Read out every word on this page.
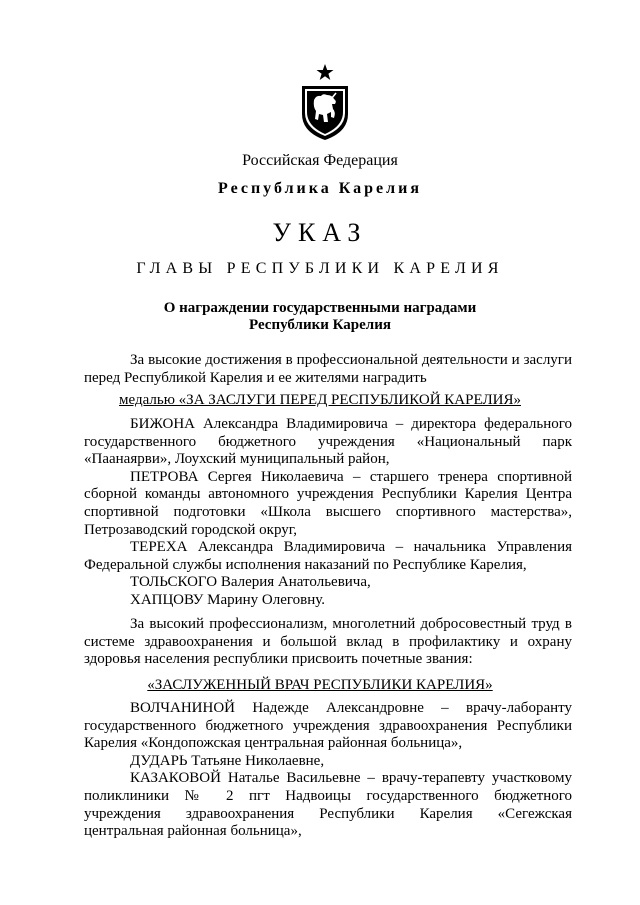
Российская Федерация
Республика Карелия
УКАЗ
ГЛАВЫ РЕСПУБЛИКИ КАРЕЛИЯ
О награждении государственными наградами
Республики Карелия
За высокие достижения в профессиональной деятельности и заслуги
перед Республикой Карелия и ее жителями наградить
медалью «ЗА ЗАСЛУГИ ПЕРЕД РЕСПУБЛИКОЙ КАРЕЛИЯ»
БИЖОНА Александра Владимировича – директора федерального
государственного бюджетного учреждения «Национальный парк
«Паанаярви», Лоухский муниципальный район,
ПЕТРОВА Сергея Николаевича – старшего тренера спортивной
сборной команды автономного учреждения Республики Карелия Центра
спортивной подготовки «Школа высшего спортивного мастерства»,
Петрозаводский городской округ,
ТЕРЕХА Александра Владимировича – начальника Управления
Федеральной службы исполнения наказаний по Республике Карелия,
ТОЛЬСКОГО Валерия Анатольевича,
ХАПЦОВУ Марину Олеговну.
За высокий профессионализм, многолетний добросовестный труд в
системе здравоохранения и большой вклад в профилактику и охрану
здоровья населения республики присвоить почетные звания:
«ЗАСЛУЖЕННЫЙ ВРАЧ РЕСПУБЛИКИ КАРЕЛИЯ»
ВОЛЧАНИНОЙ Надежде Александровне – врачу-лаборанту
государственного бюджетного учреждения здравоохранения Республики
Карелия «Кондопожская центральная районная больница»,
ДУДАРЬ Татьяне Николаевне,
КАЗАКОВОЙ Наталье Васильевне – врачу-терапевту участковому
поликлиники № 2 пгт Надвоицы государственного бюджетного
учреждения здравоохранения Республики Карелия «Сегежская
центральная районная больница»,
